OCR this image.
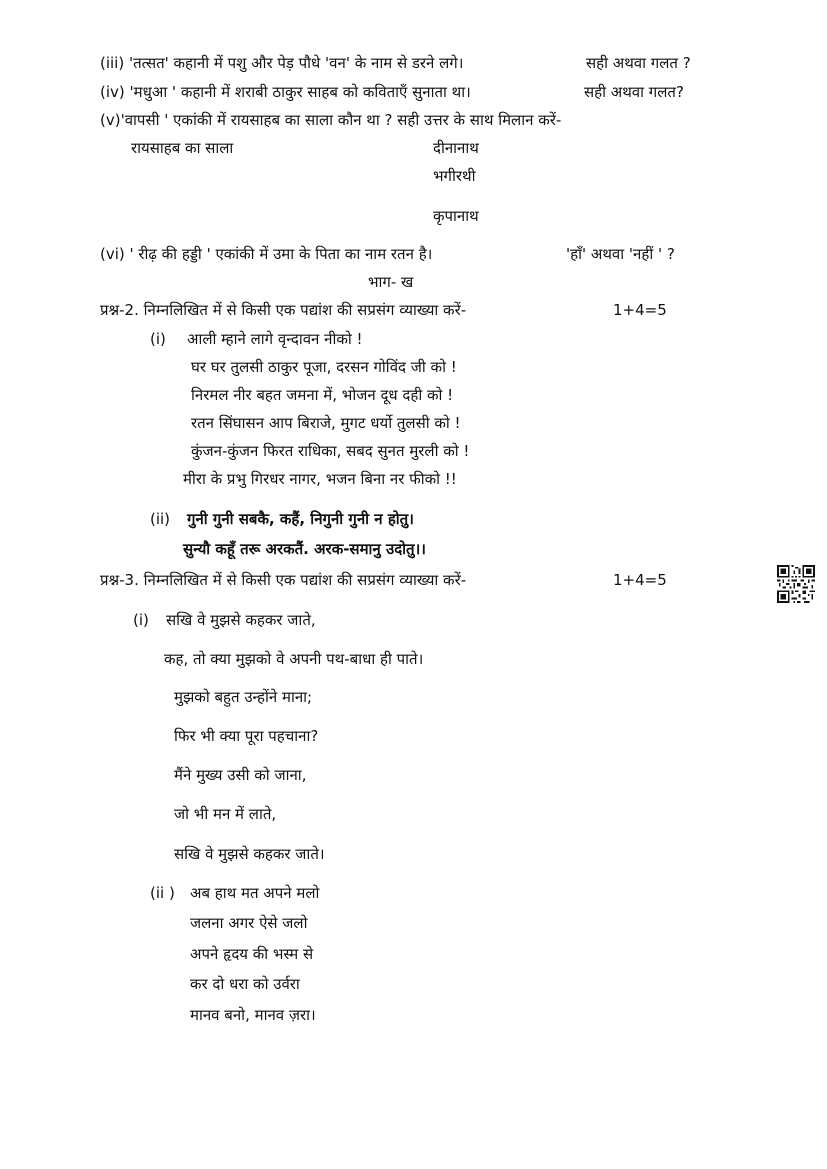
(iii) 'तत्सत' कहानी में पशु और पेड़ पौधे 'वन' के नाम से डरने लगे।	सही अथवा गलत ?
(iv) 'मधुआ ' कहानी में शराबी ठाकुर साहब को कविताएँ सुनाता था।	सही अथवा गलत?
(v)'वापसी ' एकांकी में रायसाहब का साला कौन था ? सही उत्तर के साथ मिलान करें-
रायसाहब का साला	दीनानाथ
भगीरथी
कृपानाथ
(vi) ' रीढ़ की हड्डी ' एकांकी में उमा के पिता का नाम रतन है।	'हाँ' अथवा 'नहीं ' ?
भाग- ख
प्रश्न-2. निम्नलिखित में से किसी एक पद्यांश की सप्रसंग व्याख्या करें-	1+4=5
(i) आली म्हाने लागे वृन्दावन नीको !
घर घर तुलसी ठाकुर पूजा, दरसन गोविंद जी को !
निरमल नीर बहत जमना में, भोजन दूध दही को !
रतन सिंघासन आप बिराजे, मुगट धर्यो तुलसी को !
कुंजन-कुंजन फिरत राधिका, सबद सुनत मुरली को !
मीरा के प्रभु गिरधर नागर, भजन बिना नर फीको !!
(ii) गुनी गुनी सबकै, कहैं, निगुनी गुनी न होतु।
सुन्यौ कहूँ तरू अरकतैं. अरक-समानु उदोतु।।
प्रश्न-3. निम्नलिखित में से किसी एक पद्यांश की सप्रसंग व्याख्या करें-	1+4=5
(i) सखि वे मुझसे कहकर जाते,
कह, तो क्या मुझको वे अपनी पथ-बाधा ही पाते।
मुझको बहुत उन्होंने माना;
फिर भी क्या पूरा पहचाना?
मैंने मुख्य उसी को जाना,
जो भी मन में लाते,
सखि वे मुझसे कहकर जाते।
(ii ) अब हाथ मत अपने मलो
जलना अगर ऐसे जलो
अपने हृदय की भस्म से
कर दो धरा को उर्वरा
मानव बनो, मानव ज़रा।
